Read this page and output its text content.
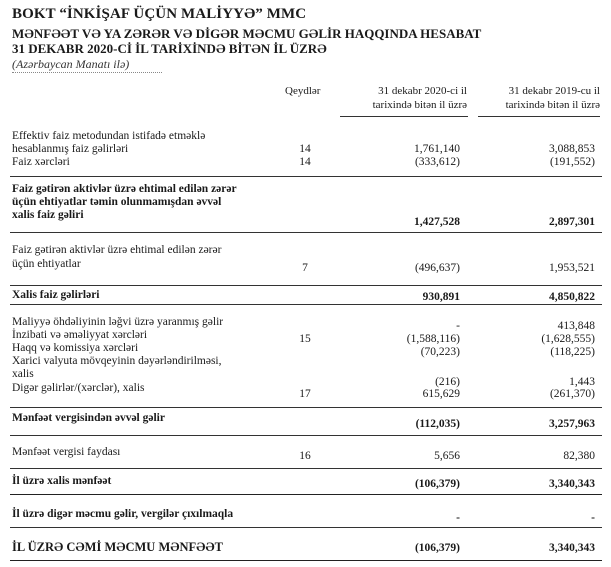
BOKT “İNKİŞAF ÜÇÜN MALİYYƏ” MMC
MƏNFƏƏT VƏ YA ZƏRƏR VƏ DİGƏR MƏCMU GƏLİR HAQQINDA HESABAT
31 DEKABR 2020-Cİ İL TARİXİNDƏ BİTƏN İL ÜZRƏ
(Azərbaycan Manatı ilə)
Qeydlər	31 dekabr 2020-ci il
tarixində bitən il üzrə
31 dekabr 2019-cu il
tarixində bitən il üzrə
Effektiv faiz metodundan istifadə etməklə
hesablanmış faiz gəlirləri	14	1,761,140	3,088,853
Faiz xərcləri	14	(333,612)	(191,552)
Faiz gətirən aktivlər üzrə ehtimal edilən zərər
üçün ehtiyatlar təmin olunmamışdan əvvəl
xalis faiz gəliri
1,427,528	2,897,301
Faiz gətirən aktivlər üzrə ehtimal edilən zərər
üçün ehtiyatlar	7	(496,637)	1,953,521
Xalis faiz gəlirləri	930,891	4,850,822
Maliyyə öhdəliyinin ləğvi üzrə yaranmış gəlir	-	413,848
İnzibati və əməliyyat xərcləri	15	(1,588,116)	(1,628,555)
Haqq və komissiya xərcləri	(70,223)	(118,225)
Xarici valyuta mövqeyinin dəyərləndirilməsi,
xalis
(216)	1,443
Digər gəlirlər/(xərclər), xalis	17	615,629	(261,370)
Mənfəət vergisindən əvvəl gəlir	(112,035)	3,257,963
Mənfəət vergisi faydası	16	5,656	82,380
İl üzrə xalis mənfəət	(106,379)	3,340,343
İl üzrə digər məcmu gəlir, vergilər çıxılmaqla	-	-
İL ÜZRƏ CƏMİ MƏCMU MƏNFƏƏT	(106,379)	3,340,343
